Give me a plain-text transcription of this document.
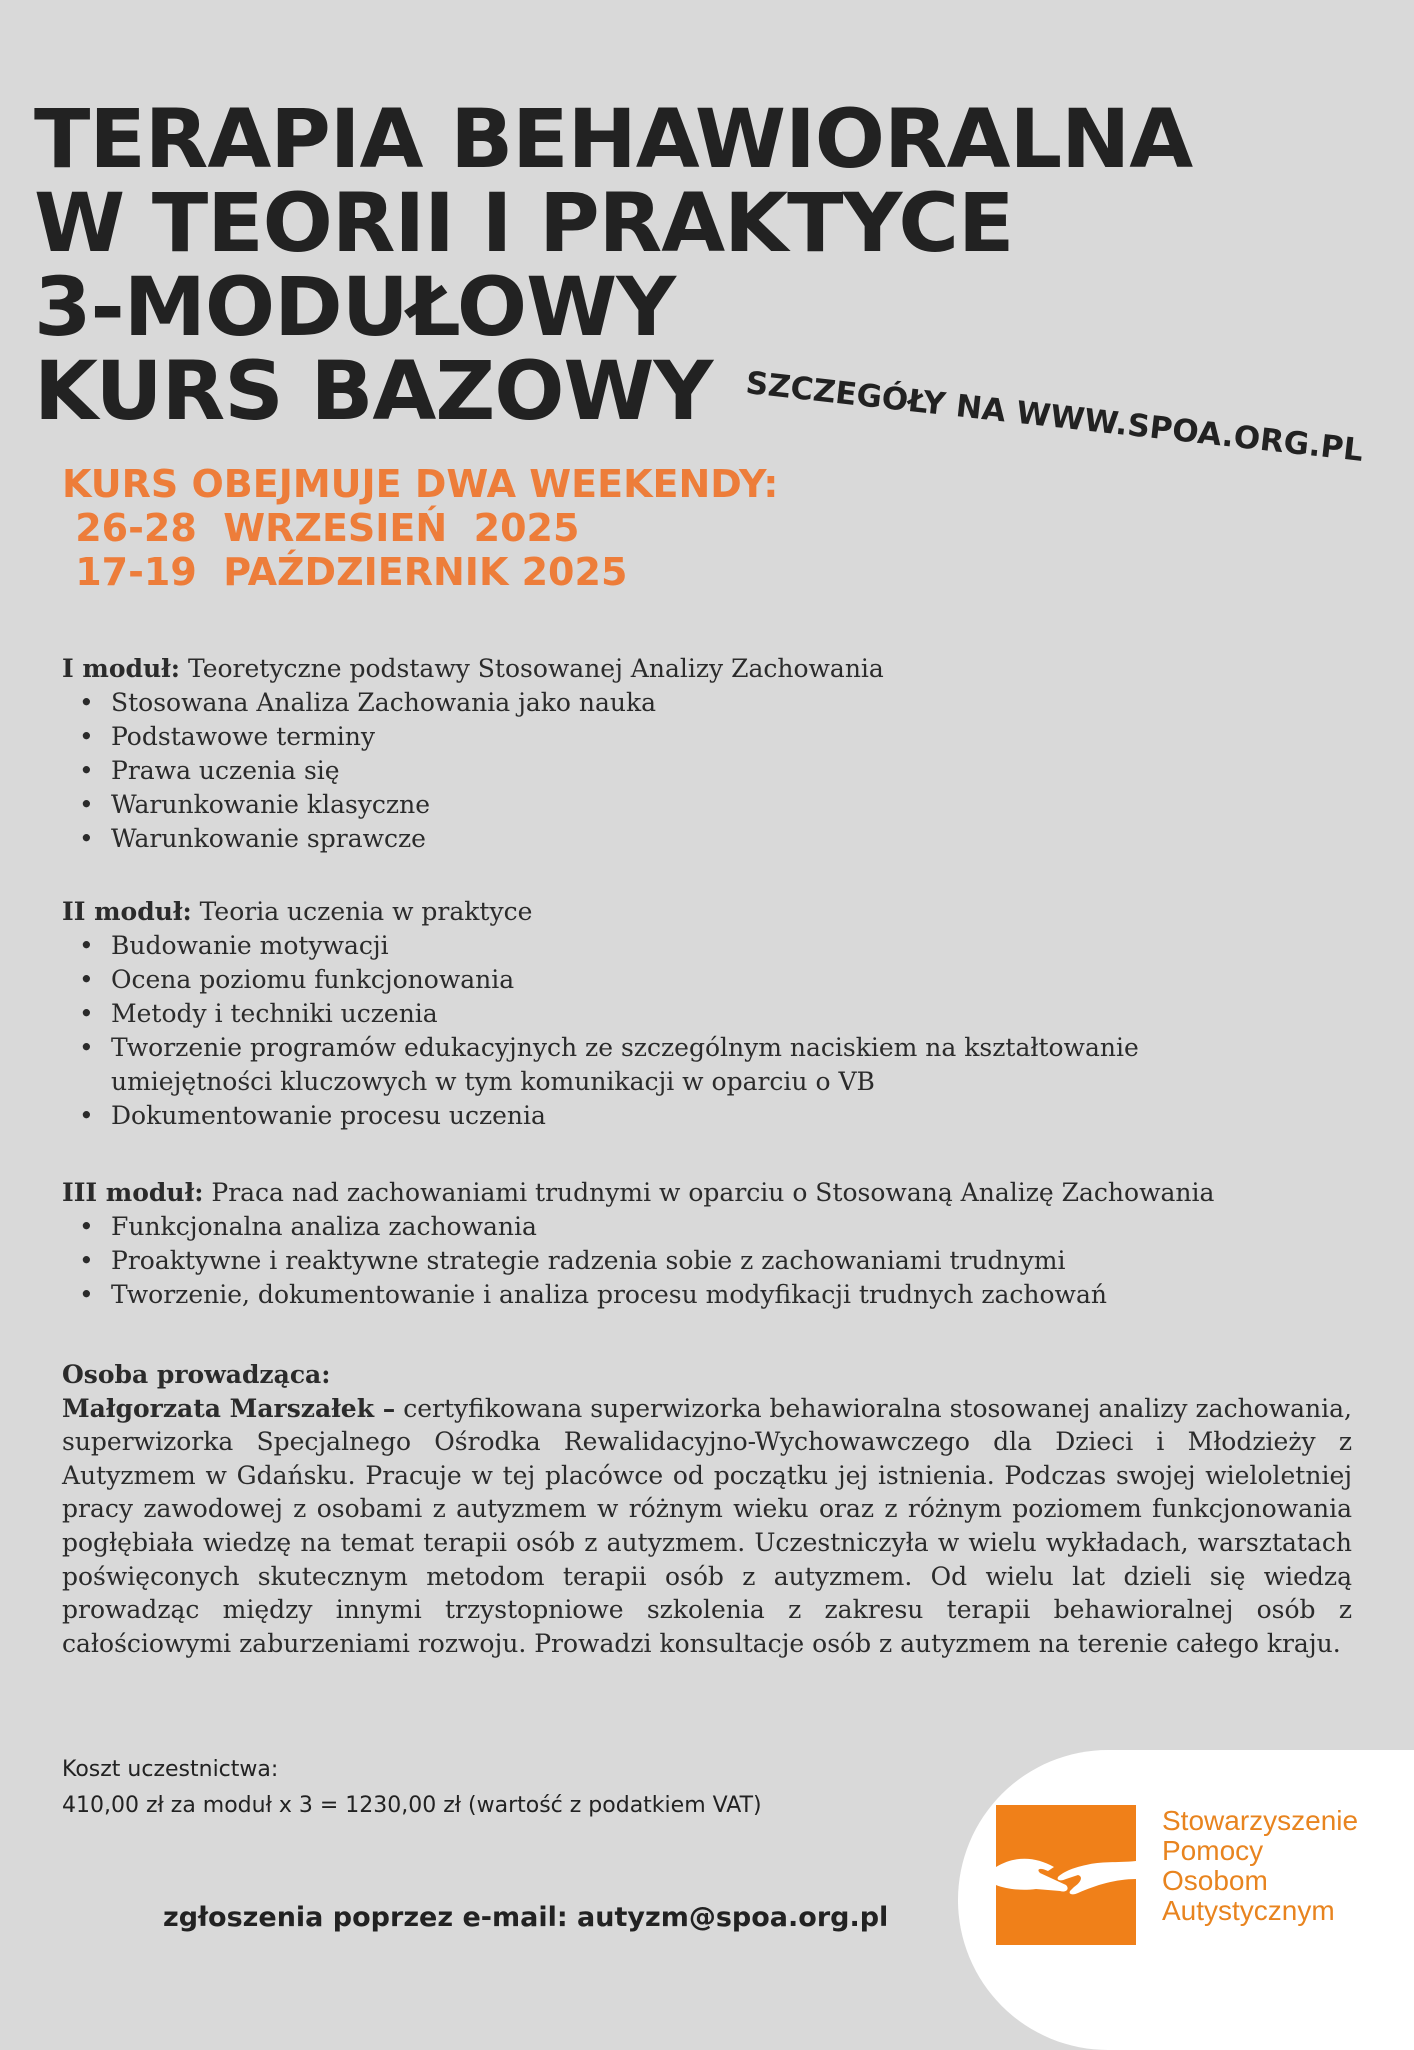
TERAPIA BEHAWIORALNA
W TEORII I PRAKTYCE
3-MODUŁOWY
KURS BAZOWY	SZCZEGÓŁY NA WWW.SPOA.ORG.PL
KURS OBEJMUJE DWA WEEKENDY:
26-28  WRZESIEŃ  2025
17-19  PAŹDZIERNIK 2025
I moduł: Teoretyczne podstawy Stosowanej Analizy Zachowania
• Stosowana Analiza Zachowania jako nauka
• Podstawowe terminy
• Prawa uczenia się
• Warunkowanie klasyczne
• Warunkowanie sprawcze
II moduł: Teoria uczenia w praktyce
• Budowanie motywacji
• Ocena poziomu funkcjonowania
• Metody i techniki uczenia
• Tworzenie programów edukacyjnych ze szczególnym naciskiem na kształtowanie umiejętności kluczowych w tym komunikacji w oparciu o VB
• Dokumentowanie procesu uczenia
III moduł: Praca nad zachowaniami trudnymi w oparciu o Stosowaną Analizę Zachowania
• Funkcjonalna analiza zachowania
• Proaktywne i reaktywne strategie radzenia sobie z zachowaniami trudnymi
• Tworzenie, dokumentowanie i analiza procesu modyfikacji trudnych zachowań
Osoba prowadząca:
Małgorzata Marszałek – certyfikowana superwizorka behawioralna stosowanej analizy zachowania, superwizorka Specjalnego Ośrodka Rewalidacyjno-Wychowawczego dla Dzieci i Młodzieży z Autyzmem w Gdańsku. Pracuje w tej placówce od początku jej istnienia. Podczas swojej wieloletniej pracy zawodowej z osobami z autyzmem w różnym wieku oraz z różnym poziomem funkcjonowania pogłębiała wiedzę na temat terapii osób z autyzmem. Uczestniczyła w wielu wykładach, warsztatach poświęconych skutecznym metodom terapii osób z autyzmem. Od wielu lat dzieli się wiedzą prowadząc między innymi trzystopniowe szkolenia z zakresu terapii behawioralnej osób z całościowymi zaburzeniami rozwoju. Prowadzi konsultacje osób z autyzmem na terenie całego kraju.
Koszt uczestnictwa:
410,00 zł za moduł x 3 = 1230,00 zł (wartość z podatkiem VAT)
zgłoszenia poprzez e-mail: autyzm@spoa.org.pl
Stowarzyszenie
Pomocy
Osobom
Autystycznym
